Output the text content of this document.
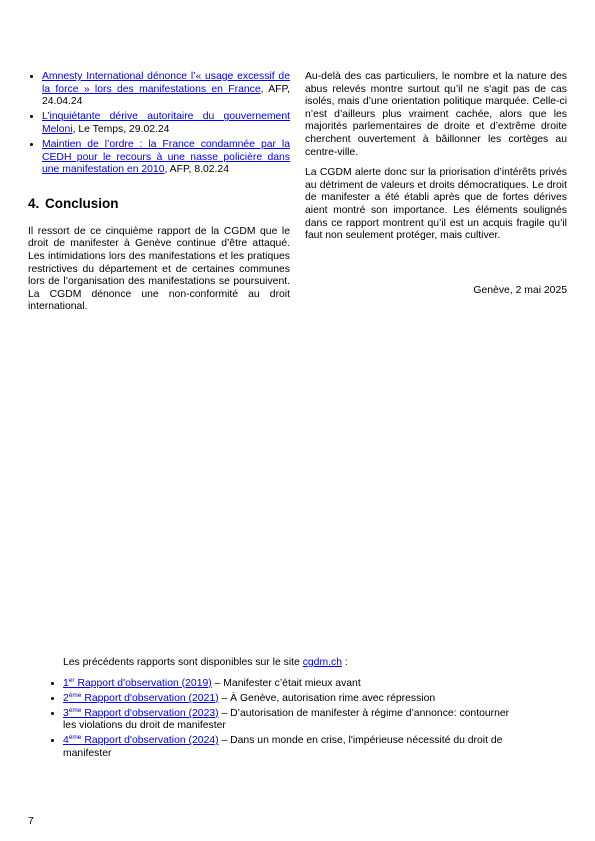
• Amnesty International dénonce l’« usage excessif de la force » lors des manifestations en France, AFP, 24.04.24
• L’inquiétante dérive autoritaire du gouvernement Meloni, Le Temps, 29.02.24
• Maintien de l’ordre : la France condamnée par la CEDH pour le recours à une nasse policière dans une manifestation en 2010, AFP, 8.02.24
4. Conclusion

Il ressort de ce cinquième rapport de la CGDM que le droit de manifester à Genève continue d’être attaqué. Les intimidations lors des manifestations et les pratiques restrictives du département et de certaines communes lors de l’organisation des manifestations se poursuivent. La CGDM dénonce une non-conformité au droit international.

Au-delà des cas particuliers, le nombre et la nature des abus relevés montre surtout qu’il ne s’agit pas de cas isolés, mais d’une orientation politique marquée. Celle-ci n’est d’ailleurs plus vraiment cachée, alors que les majorités parlementaires de droite et d’extrême droite cherchent ouvertement à bâillonner les cortèges au centre-ville.

La CGDM alerte donc sur la priorisation d’intérêts privés au détriment de valeurs et droits démocratiques. Le droit de manifester a été établi après que de fortes dérives aient montré son importance. Les éléments soulignés dans ce rapport montrent qu’il est un acquis fragile qu’il faut non seulement protéger, mais cultiver.

Genève, 2 mai 2025

Les précédents rapports sont disponibles sur le site cgdm.ch :

• 1er Rapport d'observation (2019) – Manifester c’était mieux avant
• 2ème Rapport d'observation (2021) – À Genève, autorisation rime avec répression
• 3ème Rapport d'observation (2023) – D’autorisation de manifester à régime d’annonce: contourner les violations du droit de manifester
• 4ème Rapport d'observation (2024) – Dans un monde en crise, l'impérieuse nécessité du droit de manifester
7
